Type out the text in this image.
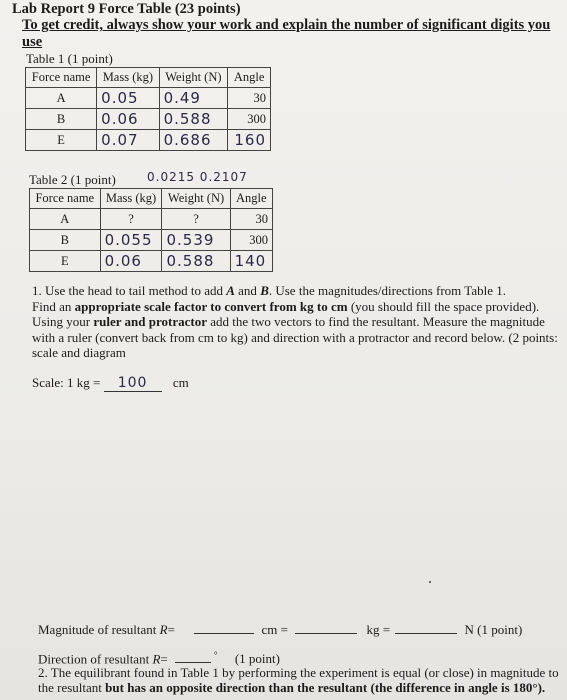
Lab Report 9 Force Table (23 points)
To get credit, always show your work and explain the number of significant digits you use
Table 1 (1 point)
Force name	Mass (kg)	Weight (N)	Angle
A	0.05	0.49	30
B	0.06	0.588	300
E	0.07	0.686	160
Table 2 (1 point)	0.0215 0.2107
Force name	Mass (kg)	Weight (N)	Angle
A	?	?	30
B	0.055	0.539	300
E	0.06	0.588	140
1. Use the head to tail method to add A and B. Use the magnitudes/directions from Table 1.
Find an appropriate scale factor to convert from kg to cm (you should fill the space provided).
Using your ruler and protractor add the two vectors to find the resultant. Measure the magnitude with a ruler (convert back from cm to kg) and direction with a protractor and record below. (2 points: scale and diagram
Scale: 1 kg = 100 cm
Magnitude of resultant R=	cm =	kg =	N (1 point)
Direction of resultant R=	° (1 point)
2. The equilibrant found in Table 1 by performing the experiment is equal (or close) in magnitude to the resultant but has an opposite direction than the resultant (the difference in angle is 180°).
